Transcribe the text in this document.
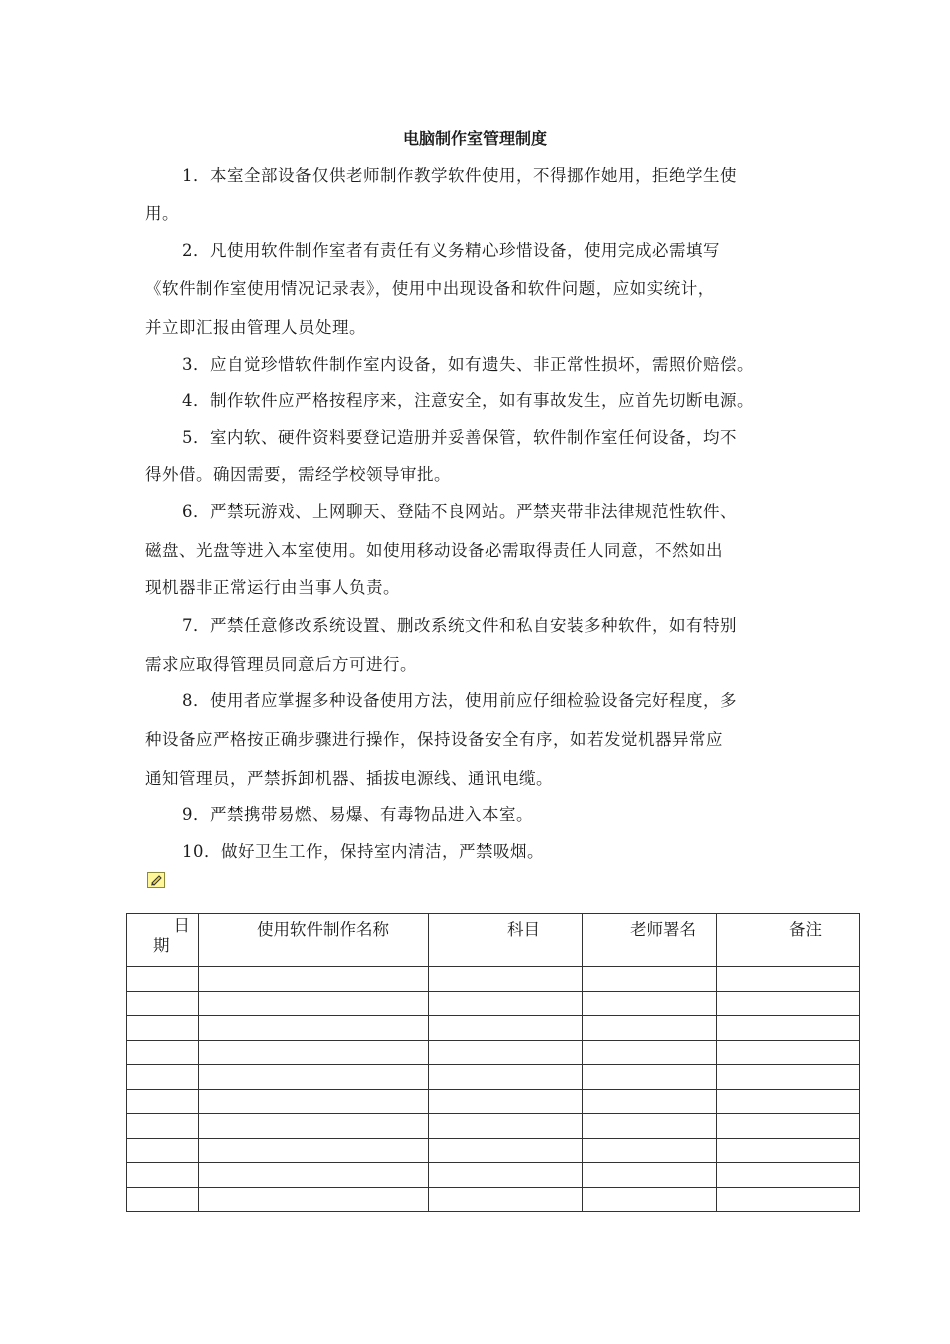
电脑制作室管理制度
1．本室全部设备仅供老师制作教学软件使用，不得挪作她用，拒绝学生使
用。
2．凡使用软件制作室者有责任有义务精心珍惜设备，使用完成必需填写
《软件制作室使用情况记录表》，使用中出现设备和软件问题，应如实统计，
并立即汇报由管理人员处理。
3．应自觉珍惜软件制作室内设备，如有遗失、非正常性损坏，需照价赔偿。
4．制作软件应严格按程序来，注意安全，如有事故发生，应首先切断电源。
5．室内软、硬件资料要登记造册并妥善保管，软件制作室任何设备，均不
得外借。确因需要，需经学校领导审批。
6．严禁玩游戏、上网聊天、登陆不良网站。严禁夹带非法律规范性软件、
磁盘、光盘等进入本室使用。如使用移动设备必需取得责任人同意，不然如出
现机器非正常运行由当事人负责。
7．严禁任意修改系统设置、删改系统文件和私自安装多种软件，如有特别
需求应取得管理员同意后方可进行。
8．使用者应掌握多种设备使用方法，使用前应仔细检验设备完好程度，多
种设备应严格按正确步骤进行操作，保持设备安全有序，如若发觉机器异常应
通知管理员，严禁拆卸机器、插拔电源线、通讯电缆。
9．严禁携带易燃、易爆、有毒物品进入本室。
10．做好卫生工作，保持室内清洁，严禁吸烟。
日
期	使用软件制作名称	科目	老师署名	备注
